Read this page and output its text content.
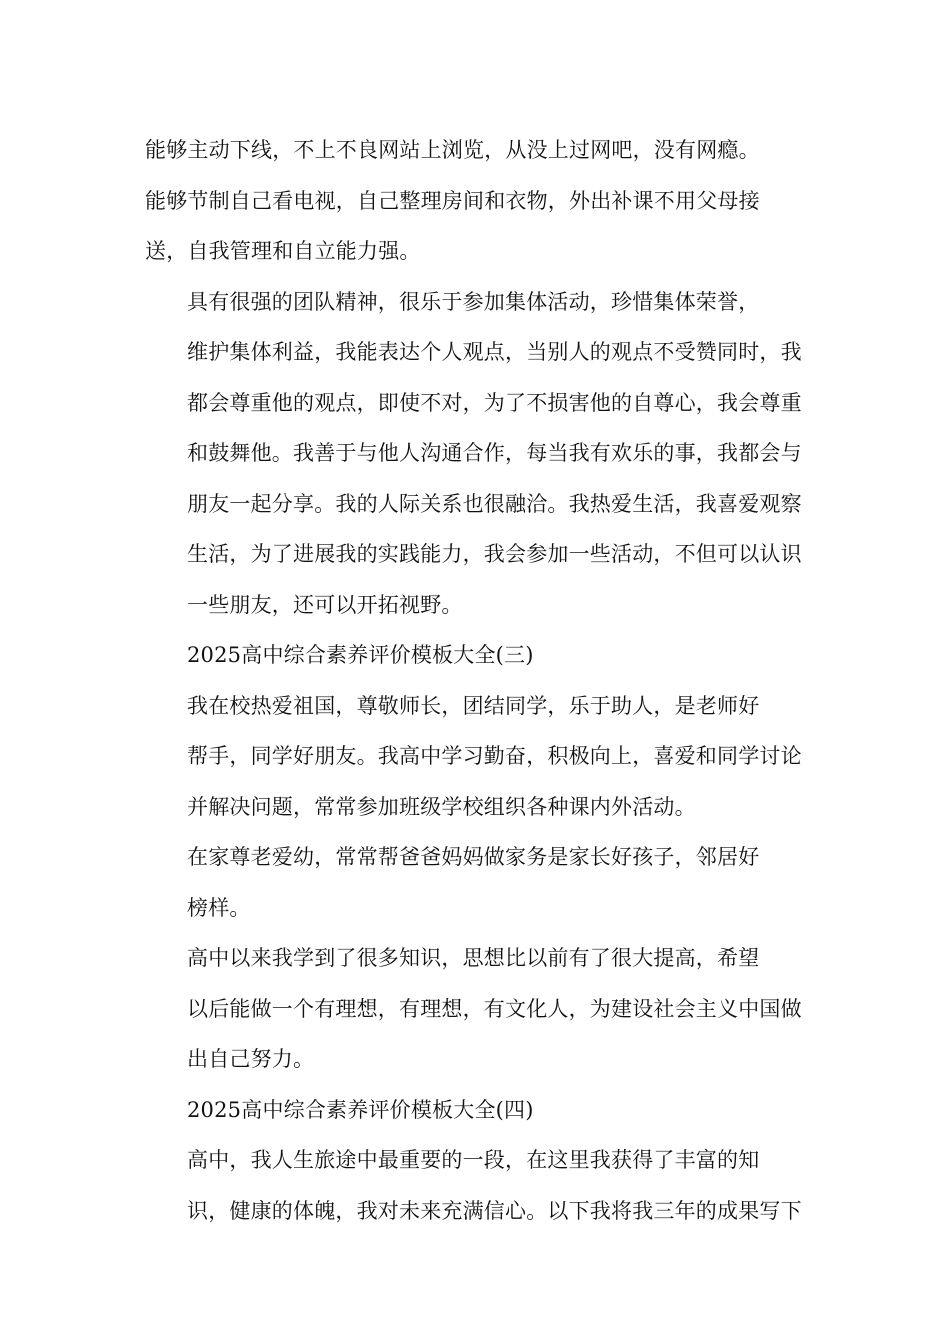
能够主动下线，不上不良网站上浏览，从没上过网吧，没有网瘾。
能够节制自己看电视，自己整理房间和衣物，外出补课不用父母接
送，自我管理和自立能力强。

具有很强的团队精神，很乐于参加集体活动，珍惜集体荣誉，
维护集体利益，我能表达个人观点，当别人的观点不受赞同时，我
都会尊重他的观点，即使不对，为了不损害他的自尊心，我会尊重
和鼓舞他。我善于与他人沟通合作，每当我有欢乐的事，我都会与
朋友一起分享。我的人际关系也很融洽。我热爱生活，我喜爱观察
生活，为了进展我的实践能力，我会参加一些活动，不但可以认识
一些朋友，还可以开拓视野。

2025高中综合素养评价模板大全(三)

我在校热爱祖国，尊敬师长，团结同学，乐于助人，是老师好
帮手，同学好朋友。我高中学习勤奋，积极向上，喜爱和同学讨论
并解决问题，常常参加班级学校组织各种课内外活动。

在家尊老爱幼，常常帮爸爸妈妈做家务是家长好孩子，邻居好
榜样。

高中以来我学到了很多知识，思想比以前有了很大提高，希望
以后能做一个有理想，有理想，有文化人，为建设社会主义中国做
出自己努力。

2025高中综合素养评价模板大全(四)

高中，我人生旅途中最重要的一段，在这里我获得了丰富的知
识，健康的体魄，我对未来充满信心。以下我将我三年的成果写下
